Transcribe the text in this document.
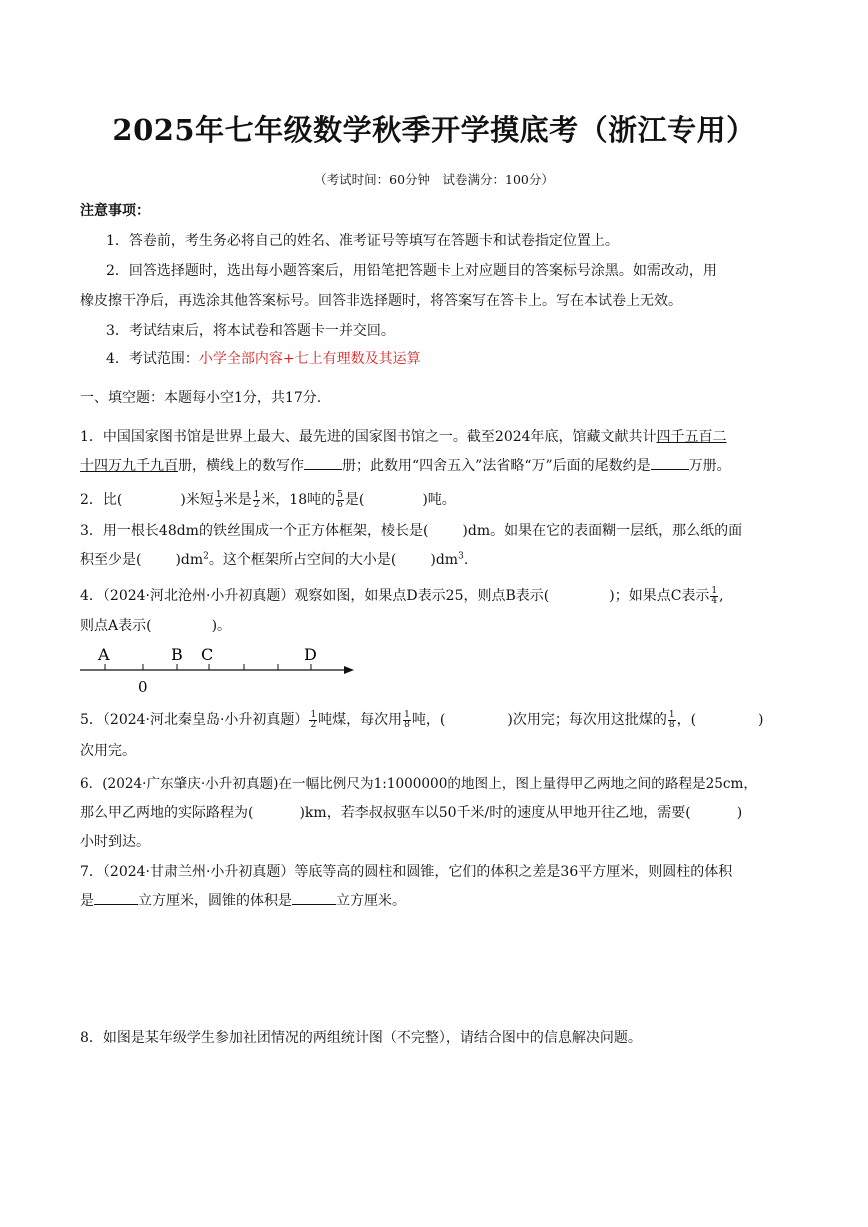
2025年七年级数学秋季开学摸底考（浙江专用）
（考试时间：60分钟　试卷满分：100分）
注意事项：
1．答卷前，考生务必将自己的姓名、准考证号等填写在答题卡和试卷指定位置上。
2．回答选择题时，选出每小题答案后，用铅笔把答题卡上对应题目的答案标号涂黑。如需改动，用
橡皮擦干净后，再选涂其他答案标号。回答非选择题时，将答案写在答卡上。写在本试卷上无效。
3．考试结束后，将本试卷和答题卡一并交回。
4．考试范围：小学全部内容+七上有理数及其运算
一、填空题：本题每小空1分，共17分.
1．中国国家图书馆是世界上最大、最先进的国家图书馆之一。截至2024年底，馆藏文献共计四千五百二
十四万九千九百册，横线上的数写作	册；此数用“四舍五入”法省略“万”后面的尾数约是	万册。
2．比(	)米短 $\frac{1}{3}$ 米是 $\frac{1}{2}$ 米，18吨的 $\frac{5}{6}$ 是(	)吨。
3．用一根长48dm的铁丝围成一个正方体框架，棱长是( )dm。如果在它的表面糊一层纸，那么纸的面
积至少是( )$dm^2$。这个框架所占空间的大小是( )$dm^3$.
4．（2024·河北沧州·小升初真题）观察如图，如果点D表示25，则点B表示(	)；如果点C表示 $\frac{1}{4}$ ,
则点A表示(	)。
A	B C	D
0
5．（2024·河北秦皇岛·小升初真题） $\frac{1}{2}$ 吨煤，每次用 $\frac{1}{8}$ 吨，(	)次用完；每次用这批煤的 $\frac{1}{8}$ ，(	)
次用完。
6．(2024·广东肇庆·小升初真题)在一幅比例尺为1:1000000的地图上，图上量得甲乙两地之间的路程是25cm，
那么甲乙两地的实际路程为(	)km，若李叔叔驱车以50千米/时的速度从甲地开往乙地，需要(	)
小时到达。
7．（2024·甘肃兰州·小升初真题）等底等高的圆柱和圆锥，它们的体积之差是36平方厘米，则圆柱的体积
是	立方厘米，圆锥的体积是	立方厘米。
8．如图是某年级学生参加社团情况的两组统计图（不完整），请结合图中的信息解决问题。
